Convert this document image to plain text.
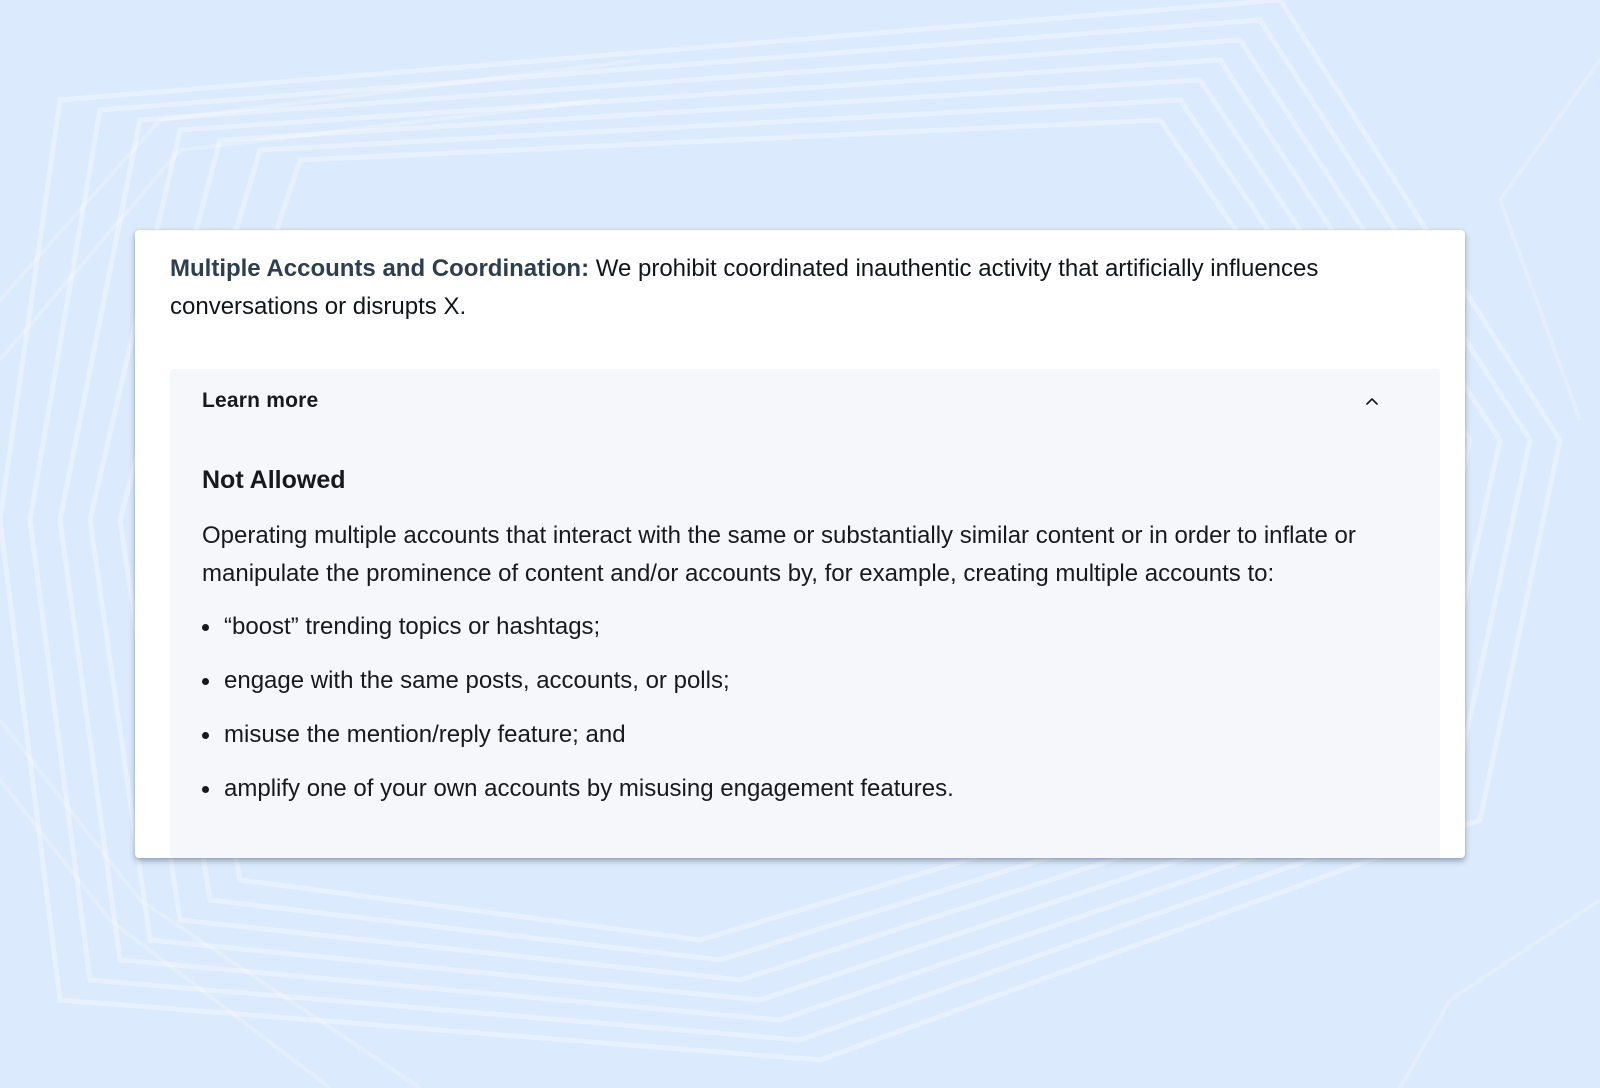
Multiple Accounts and Coordination: We prohibit coordinated inauthentic activity that artificially influences conversations or disrupts X.

Learn more
Not Allowed

Operating multiple accounts that interact with the same or substantially similar content or in order to inflate or manipulate the prominence of content and/or accounts by, for example, creating multiple accounts to:

“boost” trending topics or hashtags;
engage with the same posts, accounts, or polls;
misuse the mention/reply feature; and
amplify one of your own accounts by misusing engagement features.
